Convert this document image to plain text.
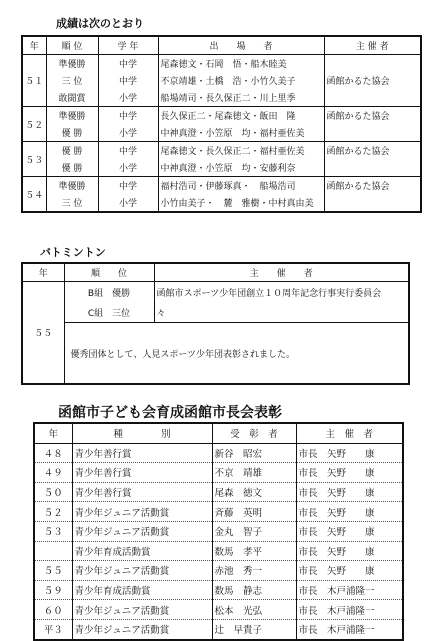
成績は次のとおり
年	順 位	学 年	出　　場　　者	主 催 者
５１	準優勝	中学	尾森徳文・石岡　悟・船木睦美	
	三 位	中学	不京靖雄・土橋　浩・小竹久美子	函館かるた協会
	敢闘賞	小学	船場靖司・長久保正二・川上里季	
５２	準優勝	中学	長久保正二・尾森徳文・飯田　隆	函館かるた協会
	優 勝	小学	中神真澄・小笠原　均・福村亜佐美	
５３	優 勝	中学	尾森徳文・長久保正二・福村亜佐美	函館かるた協会
	優 勝	小学	中神真澄・小笠原　均・安藤利奈	
５４	準優勝	中学	福村浩司・伊藤琢真・　船場浩司	函館かるた協会
	三 位	小学	小竹由美子・　麓　雅樹・中村真由美	
バトミントン
年	順　　位	主　　催　　者
５５	B組　優勝	函館市スポーツ少年団創立１０周年記念行事実行委員会
	C組　三位	々
	優秀団体として、人見スポーツ少年団表彰されました。	
函館市子ども会育成函館市長会表彰
年	種　　　　別	受　彰　者	主　催　者
４８	青少年善行賞	新谷　昭宏	市長　矢野　　康
４９	青少年善行賞	不京　靖雄	市長　矢野　　康
５０	青少年善行賞	尾森　徳文	市長　矢野　　康
５２	青少年ジュニア活動賞	斉藤　英明	市長　矢野　　康
５３	青少年ジュニア活動賞	金丸　智子	市長　矢野　　康
	青少年育成活動賞	数馬　孝平	市長　矢野　　康
５５	青少年ジュニア活動賞	赤池　秀一	市長　矢野　　康
５９	青少年育成活動賞	数馬　静志	市長　木戸浦隆一
６０	青少年ジュニア活動賞	松本　光弘	市長　木戸浦隆一
平３	青少年ジュニア活動賞	辻　早貴子	市長　木戸浦隆一
